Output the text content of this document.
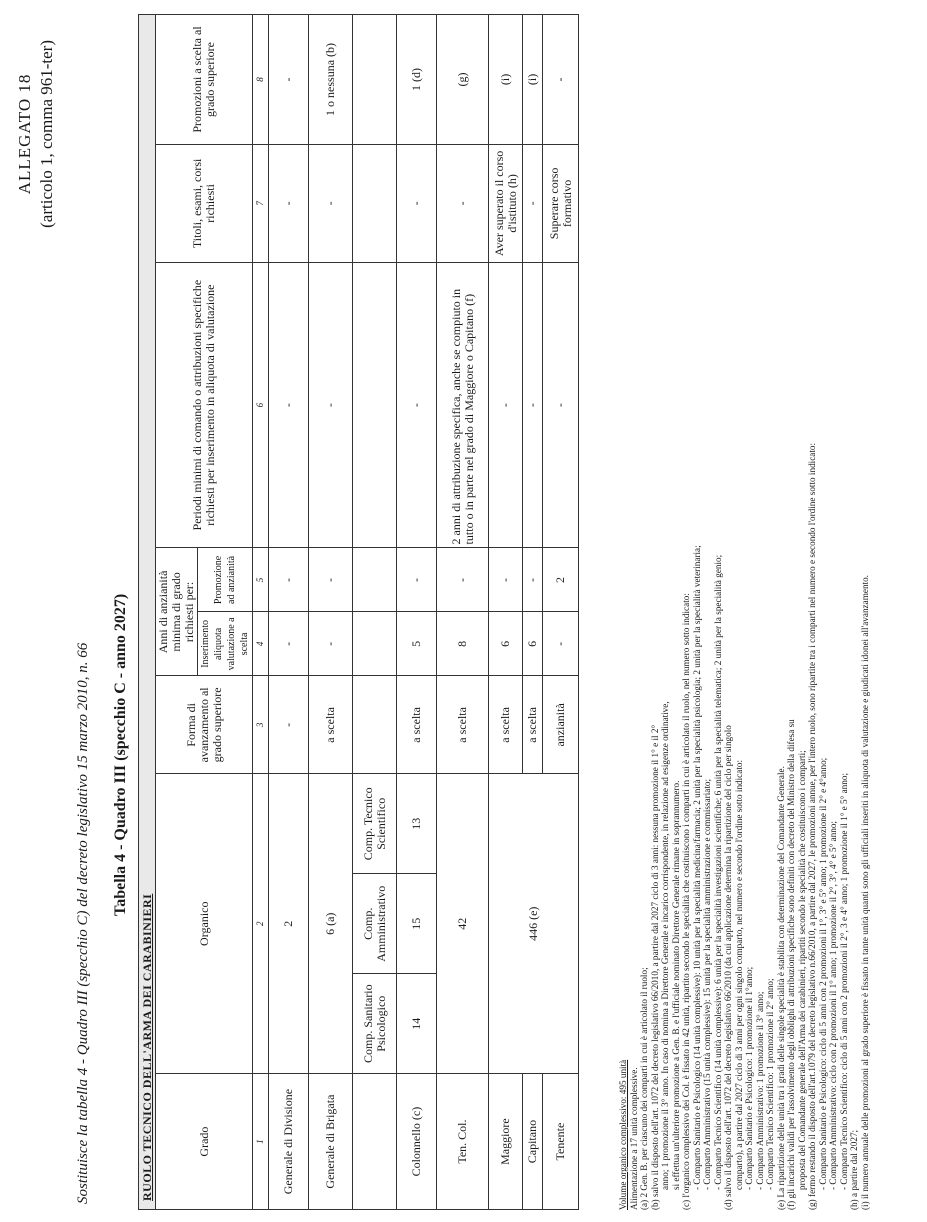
ALLEGATO 18 (articolo 1, comma 961-ter)
Sostituisce la tabella 4 - Quadro III (specchio C) del decreto legislativo 15 marzo 2010, n. 66 Tabella 4 - Quadro III (specchio C - anno 2027)
RUOLO TECNICO DELL'ARMA DEI CARABINIERI									
Grado	Organico			Forma di avanzamento al grado superiore	Anni di anzianità minima di grado richiesti per:		Periodi minimi di comando o attribuzioni specifiche richiesti per inserimento in aliquota di valutazione	Titoli, esami, corsi richiesti	Promozioni a scelta al grado superiore
					Inserimento aliquota valutazione a scelta	Promozione ad anzianità			
1	2			3	4	5	6	7	8
Generale di Divisione	2			-	-	-	-	-	-
Generale di Brigata	6 (a)			a scelta	-	-	-	-	1 o nessuna (b)
	Comp. Sanitario Psicologico	Comp. Amministrativo	Comp. Tecnico Scientifico						
Colonnello (c)	14	15	13	a scelta	5	-	-	-	1 (d)
Ten. Col.	42			a scelta	8	-	2 anni di attribuzione specifica, anche se compiuto in tutto o in parte nel grado di Maggiore o Capitano (f)	-	(g)
Maggiore	446 (e)			a scelta	6	-	-	Aver superato il corso d'istituto (h)	(i)
Capitano				a scelta	6	-	-	-	(i)
Tenente				anzianità	-	2	-	Superare corso formativo	-
Volume organico complessivo: 495 unità Alimentazione a 17 unità complessive. (a) 2 Gen. B. per ciascuno dei comparti in cui è articolato il ruolo; (b) salvo il disposto dell'art. 1072 del decreto legislativo 66/2010, a partire dal 2027 ciclo di 3 anni: nessuna promozione il 1° e il 2° anno; 1 promozione il 3° anno. In caso di nomina a Direttore Generale e incarico corrispondente, in relazione ad esigenze ordinative, si effettua un'ulteriore promozione a Gen. B. e l'ufficiale nominato Direttore Generale rimane in soprannumero. (c) l'organico complessivo dei Col. è fissato in 42 unità, ripartito secondo le specialità che costituiscono i comparti in cui è articolato il ruolo, nel numero sotto indicato: - Comparto Sanitario e Psicologico (14 unità complessive): 10 unità per la specialità medicina/farmacia; 2 unità per la specialità psicologia; 2 unità per la specialità veterinaria; - Comparto Amministrativo (15 unità complessive): 15 unità per la specialità amministrazione e commissariato; - Comparto Tecnico Scientifico (14 unità complessive): 6 unità per la specialità investigazioni scientifiche; 6 unità per la specialità telematica; 2 unità per la specialità genio; (d) salvo il disposto dell'art. 1072 del decreto legislativo 66/2010 (da cui applicazione determina la ripartizione del ciclo per singolo comparto), a partire dal 2027 ciclo di 3 anni per ogni singolo comparto, nel numero e secondo l'ordine sotto indicato: - Comparto Sanitario e Psicologico: 1 promozione il 1°anno; - Comparto Amministrativo: 1 promozione il 3° anno; - Comparto Tecnico Scientifico: 1 promozione il 2° anno; (e) La ripartizione delle unità tra i gradi delle singole specialità è stabilita con determinazione del Comandante Generale. (f) gli incarichi validi per l'assolvimento degli obblighi di attribuzioni specifiche sono definiti con decreto del Ministro della difesa su proposta del Comandante generale dell'Arma dei carabinieri, ripartiti secondo le specialità che costituiscono i comparti; (g) fermo restando il disposto dell'art.1079 del decreto legislativo n.66/2010, a partire dal 2027, le promozioni annue, per l'intero ruolo, sono ripartite tra i comparti nel numero e secondo l'ordine sotto indicato: - Comparto Sanitario e Psicologico: ciclo di 5 anni con 2 promozioni il 1°, 3° e 5° anno; 1 promozione il 2° e 4°anno; - Comparto Amministrativo: ciclo con 2 promozioni il 1° anno; 1 promozione il 2°, 3°, 4° e 5° anno; - Comparto Tecnico Scientifico: ciclo di 5 anni con 2 promozioni il 2°, 3 e 4° anno; 1 promozione il 1° e 5° anno; (h) a partire dal 2027; (i) il numero annuale delle promozioni al grado superiore è fissato in tante unità quanti sono gli ufficiali inseriti in aliquota di valutazione e giudicati idonei all'avanzamento.
